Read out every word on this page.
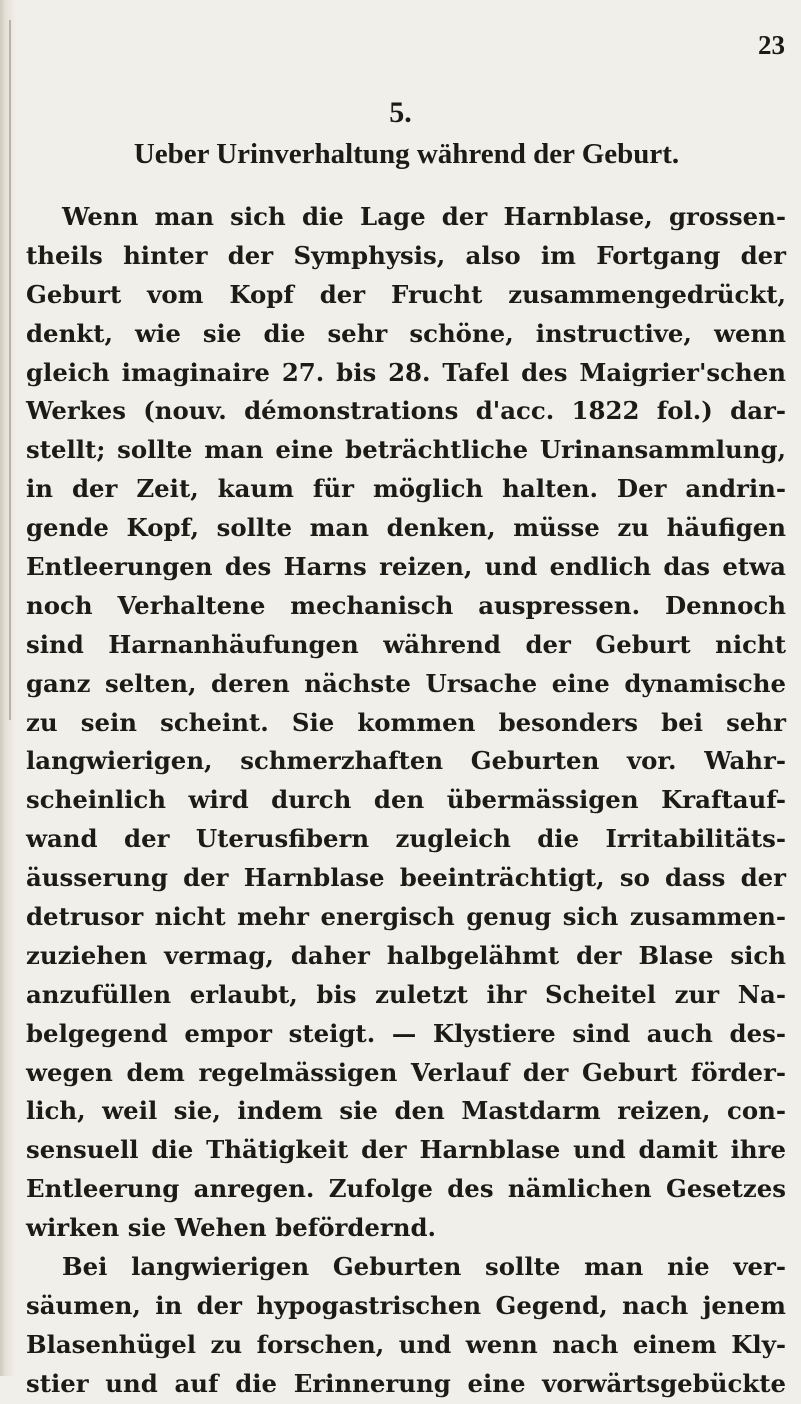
23

5.

Ueber Urinverhaltung während der Geburt.
Wenn man sich die Lage der Harnblase, grossen-
theils hinter der Symphysis, also im Fortgang der
Geburt vom Kopf der Frucht zusammengedrückt,
denkt, wie sie die sehr schöne, instructive, wenn
gleich imaginaire 27. bis 28. Tafel des Maigrier'schen
Werkes (nouv. démonstrations d'acc. 1822 fol.) dar-
stellt; sollte man eine beträchtliche Urinansammlung,
in der Zeit, kaum für möglich halten. Der andrin-
gende Kopf, sollte man denken, müsse zu häufigen
Entleerungen des Harns reizen, und endlich das etwa
noch Verhaltene mechanisch auspressen. Dennoch
sind Harnanhäufungen während der Geburt nicht
ganz selten, deren nächste Ursache eine dynamische
zu sein scheint. Sie kommen besonders bei sehr
langwierigen, schmerzhaften Geburten vor. Wahr-
scheinlich wird durch den übermässigen Kraftauf-
wand der Uterusfibern zugleich die Irritabilitäts-
äusserung der Harnblase beeinträchtigt, so dass der
detrusor nicht mehr energisch genug sich zusammen-
zuziehen vermag, daher halbgelähmt der Blase sich
anzufüllen erlaubt, bis zuletzt ihr Scheitel zur Na-
belgegend empor steigt. — Klystiere sind auch des-
wegen dem regelmässigen Verlauf der Geburt förder-
lich, weil sie, indem sie den Mastdarm reizen, con-
sensuell die Thätigkeit der Harnblase und damit ihre
Entleerung anregen. Zufolge des nämlichen Gesetzes
wirken sie Wehen befördernd.
Bei langwierigen Geburten sollte man nie ver-
säumen, in der hypogastrischen Gegend, nach jenem
Blasenhügel zu forschen, und wenn nach einem Kly-
stier und auf die Erinnerung eine vorwärtsgebückte
